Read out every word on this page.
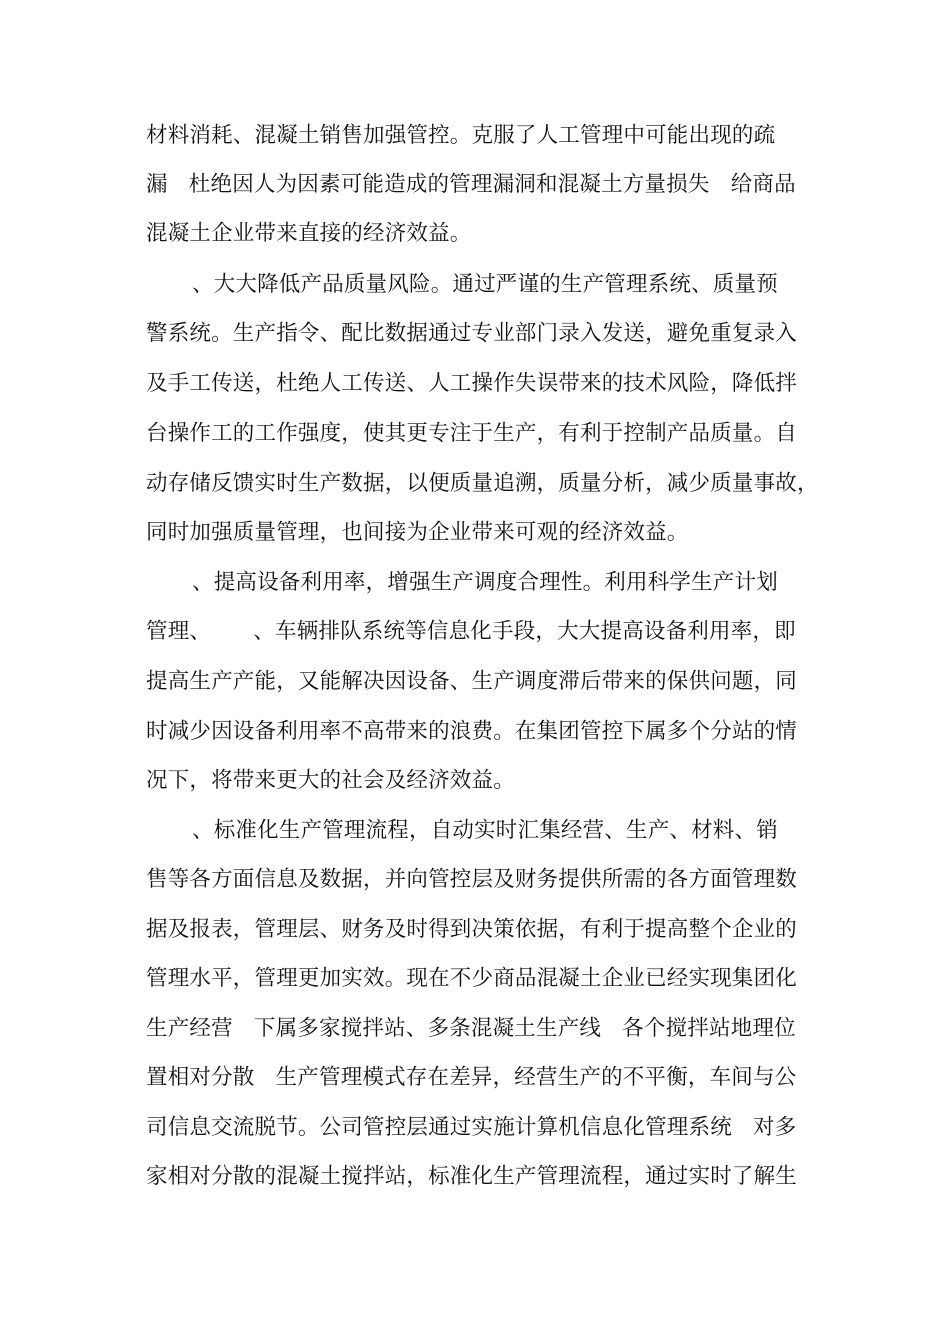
材料消耗、混凝土销售加强管控。克服了人工管理中可能出现的疏
漏   杜绝因人为因素可能造成的管理漏洞和混凝土方量损失   给商品
混凝土企业带来直接的经济效益。
、大大降低产品质量风险。通过严谨的生产管理系统、质量预
警系统。生产指令、配比数据通过专业部门录入发送，避免重复录入
及手工传送，杜绝人工传送、人工操作失误带来的技术风险，降低拌
台操作工的工作强度，使其更专注于生产，有利于控制产品质量。自
动存储反馈实时生产数据，以便质量追溯，质量分析，减少质量事故，
同时加强质量管理，也间接为企业带来可观的经济效益。
、提高设备利用率，增强生产调度合理性。利用科学生产计划
管理、      、车辆排队系统等信息化手段，大大提高设备利用率，即
提高生产产能，又能解决因设备、生产调度滞后带来的保供问题，同
时减少因设备利用率不高带来的浪费。在集团管控下属多个分站的情
况下，将带来更大的社会及经济效益。
、标准化生产管理流程，自动实时汇集经营、生产、材料、销
售等各方面信息及数据，并向管控层及财务提供所需的各方面管理数
据及报表，管理层、财务及时得到决策依据，有利于提高整个企业的
管理水平，管理更加实效。现在不少商品混凝土企业已经实现集团化
生产经营   下属多家搅拌站、多条混凝土生产线   各个搅拌站地理位
置相对分散   生产管理模式存在差异，经营生产的不平衡，车间与公
司信息交流脱节。公司管控层通过实施计算机信息化管理系统   对多
家相对分散的混凝土搅拌站，标准化生产管理流程，通过实时了解生
